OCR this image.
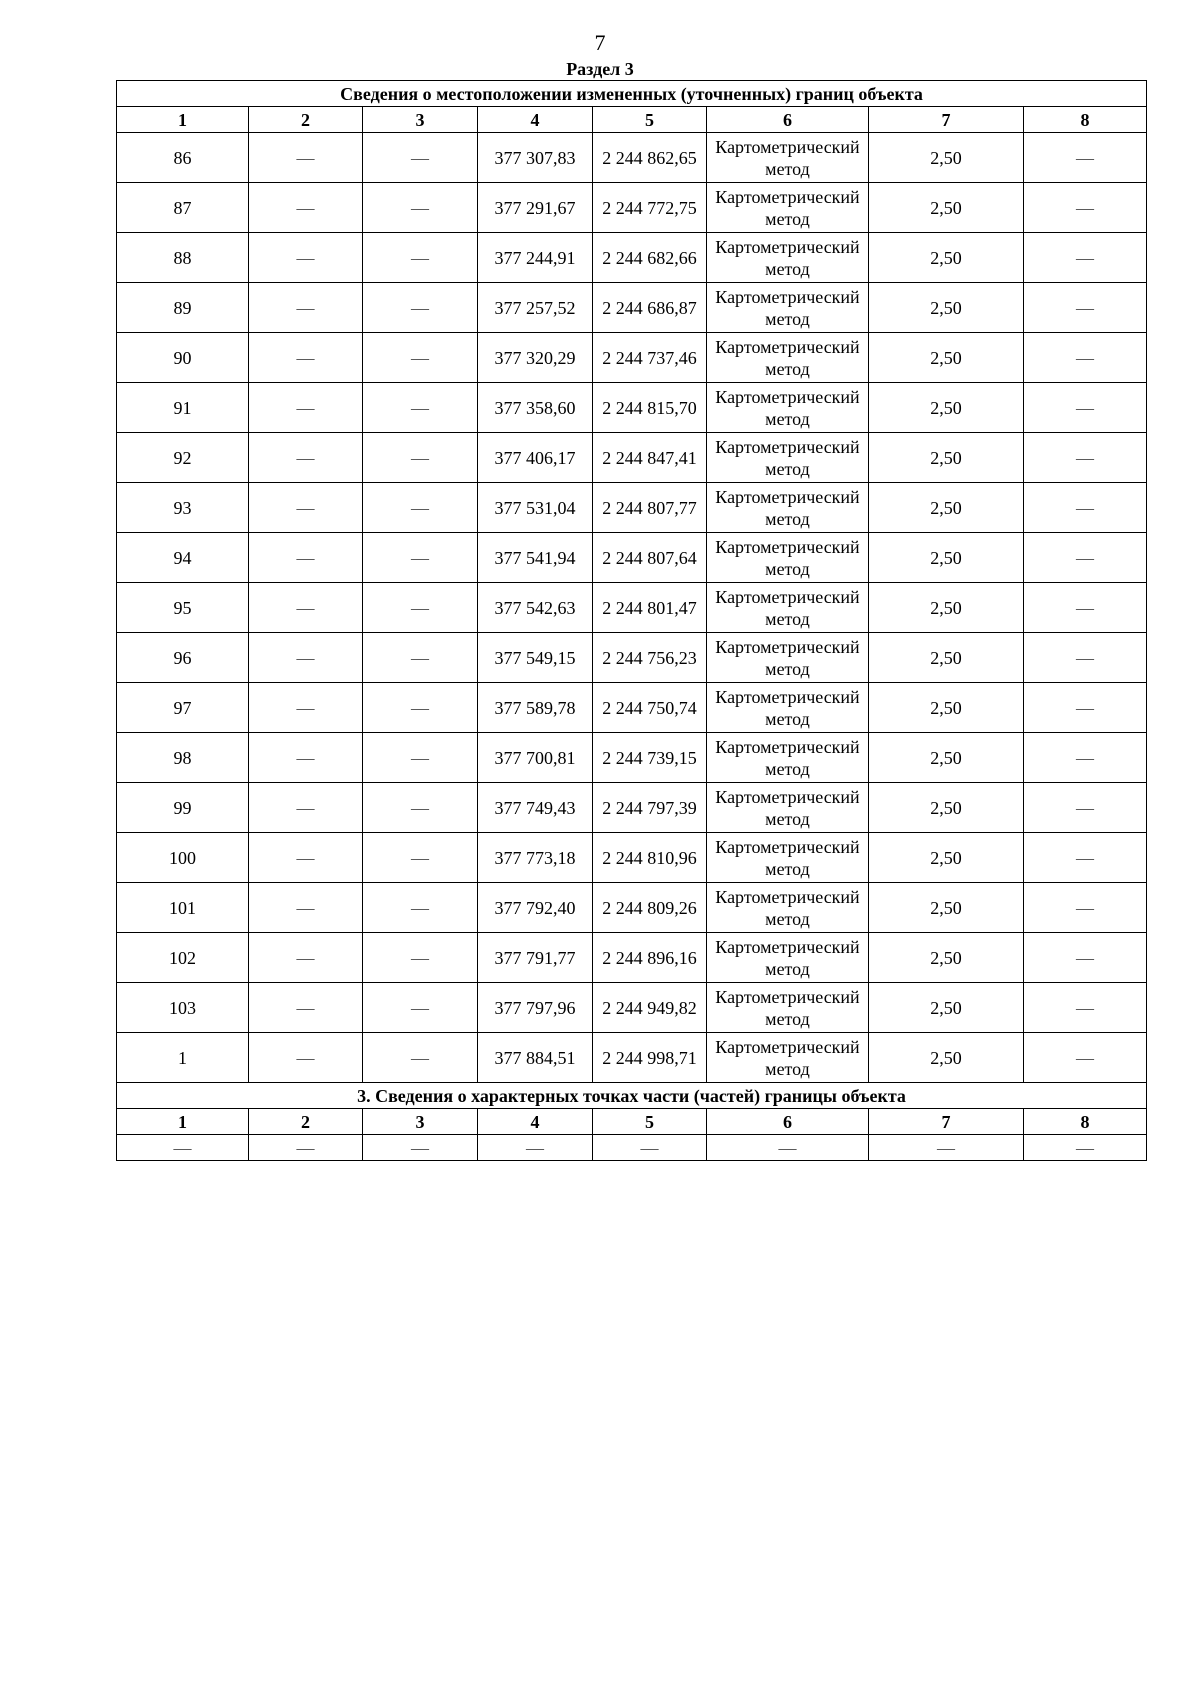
7
Раздел 3
Сведения о местоположении измененных (уточненных) границ объекта							
1	2	3	4	5	6	7	8
86	—	—	377 307,83	2 244 862,65	Картометрический метод	2,50	—
87	—	—	377 291,67	2 244 772,75	Картометрический метод	2,50	—
88	—	—	377 244,91	2 244 682,66	Картометрический метод	2,50	—
89	—	—	377 257,52	2 244 686,87	Картометрический метод	2,50	—
90	—	—	377 320,29	2 244 737,46	Картометрический метод	2,50	—
91	—	—	377 358,60	2 244 815,70	Картометрический метод	2,50	—
92	—	—	377 406,17	2 244 847,41	Картометрический метод	2,50	—
93	—	—	377 531,04	2 244 807,77	Картометрический метод	2,50	—
94	—	—	377 541,94	2 244 807,64	Картометрический метод	2,50	—
95	—	—	377 542,63	2 244 801,47	Картометрический метод	2,50	—
96	—	—	377 549,15	2 244 756,23	Картометрический метод	2,50	—
97	—	—	377 589,78	2 244 750,74	Картометрический метод	2,50	—
98	—	—	377 700,81	2 244 739,15	Картометрический метод	2,50	—
99	—	—	377 749,43	2 244 797,39	Картометрический метод	2,50	—
100	—	—	377 773,18	2 244 810,96	Картометрический метод	2,50	—
101	—	—	377 792,40	2 244 809,26	Картометрический метод	2,50	—
102	—	—	377 791,77	2 244 896,16	Картометрический метод	2,50	—
103	—	—	377 797,96	2 244 949,82	Картометрический метод	2,50	—
1	—	—	377 884,51	2 244 998,71	Картометрический метод	2,50	—
3. Сведения о характерных точках части (частей) границы объекта							
1	2	3	4	5	6	7	8
—	—	—	—	—	—	—	—
